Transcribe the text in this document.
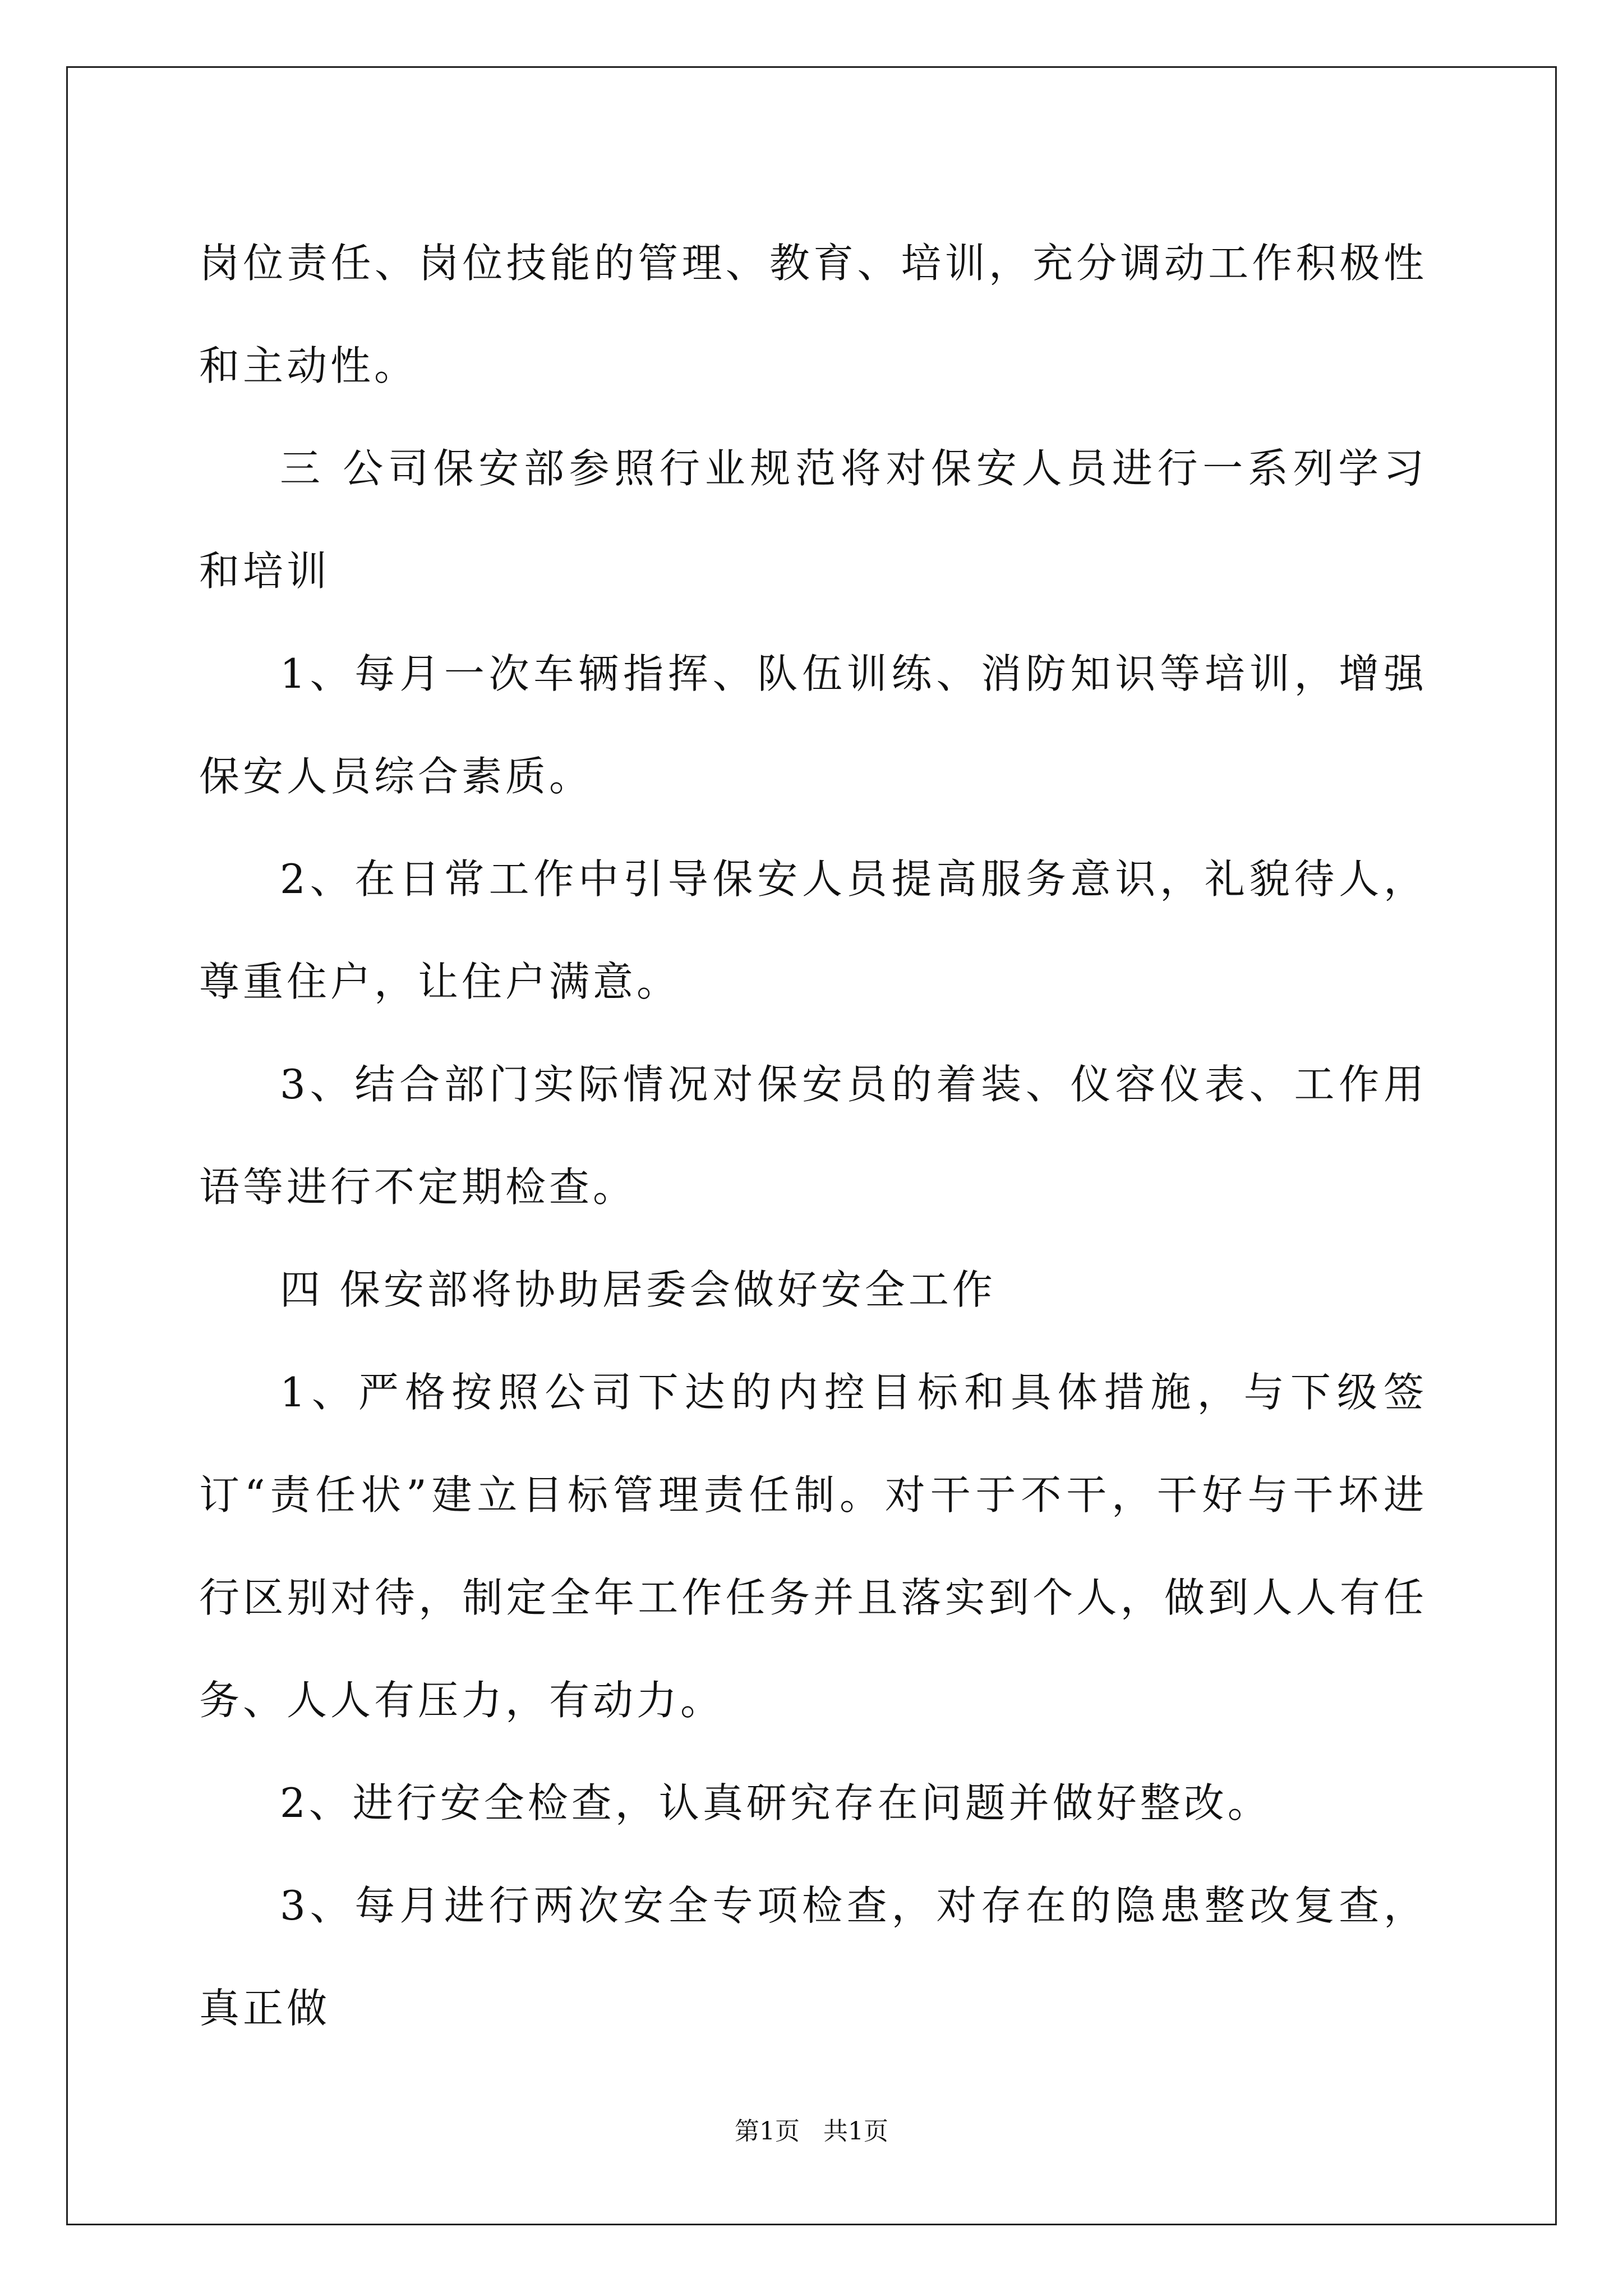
岗位责任、岗位技能的管理、教育、培训，充分调动工作积极性和主动性。

三 公司保安部参照行业规范将对保安人员进行一系列学习和培训

1、每月一次车辆指挥、队伍训练、消防知识等培训，增强保安人员综合素质。

2、在日常工作中引导保安人员提高服务意识，礼貌待人，尊重住户，让住户满意。

3、结合部门实际情况对保安员的着装、仪容仪表、工作用语等进行不定期检查。

四 保安部将协助居委会做好安全工作

1、严格按照公司下达的内控目标和具体措施，与下级签订“责任状”建立目标管理责任制。对干于不干，干好与干坏进行区别对待，制定全年工作任务并且落实到个人，做到人人有任务、人人有压力，有动力。

2、进行安全检查，认真研究存在问题并做好整改。

3、每月进行两次安全专项检查，对存在的隐患整改复查，真正做

第1页   共1页
